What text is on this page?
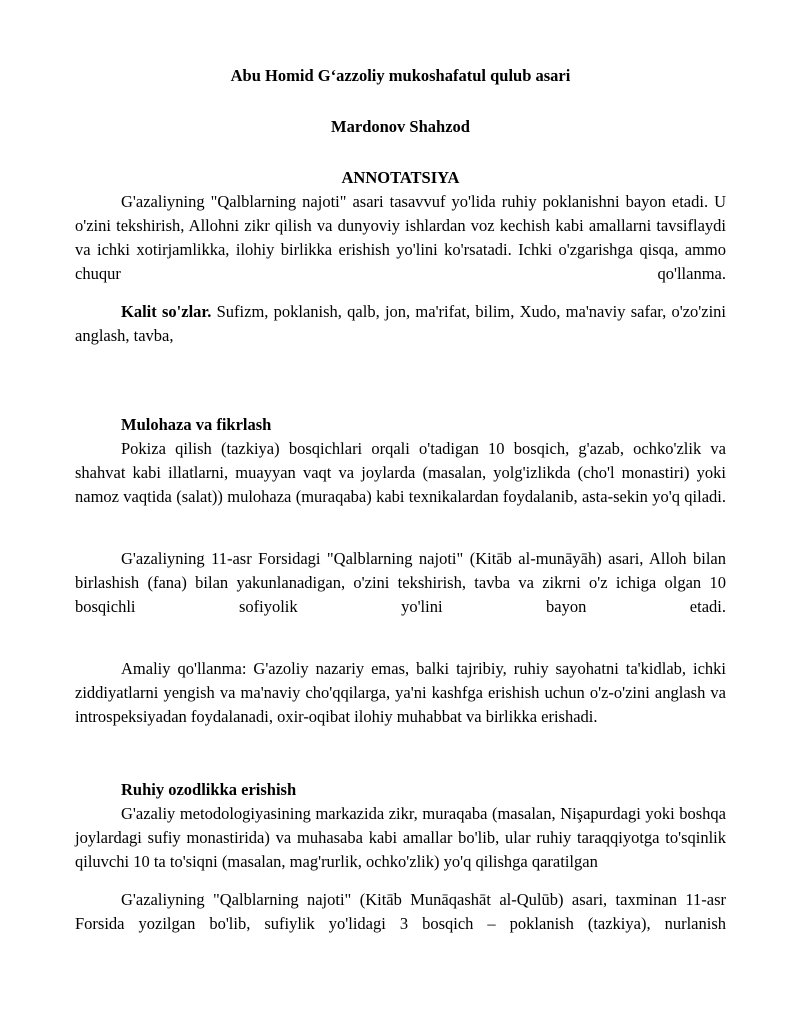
Abu Homid G‘azzoliy mukoshafatul qulub asari

Mardonov Shahzod

ANNOTATSIYA

G'azaliyning "Qalblarning najoti" asari tasavvuf yo'lida ruhiy poklanishni bayon etadi. U o'zini tekshirish, Allohni zikr qilish va dunyoviy ishlardan voz kechish kabi amallarni tavsiflaydi va ichki xotirjamlikka, ilohiy birlikka erishish yo'lini ko'rsatadi. Ichki o'zgarishga qisqa, ammo chuqur qo'llanma.

Kalit so'zlar. Sufizm, poklanish, qalb, jon, ma'rifat, bilim, Xudo, ma'naviy safar, o'zo'zini anglash, tavba,

Mulohaza va fikrlash

Pokiza qilish (tazkiya) bosqichlari orqali o'tadigan 10 bosqich, g'azab, ochko'zlik va shahvat kabi illatlarni, muayyan vaqt va joylarda (masalan, yolg'izlikda (cho'l monastiri) yoki namoz vaqtida (salat)) mulohaza (muraqaba) kabi texnikalardan foydalanib, asta-sekin yo'q qiladi.

G'azaliyning 11-asr Forsidagi "Qalblarning najoti" (Kitāb al-munāyāh) asari, Alloh bilan birlashish (fana) bilan yakunlanadigan, o'zini tekshirish, tavba va zikrni o'z ichiga olgan 10 bosqichli sofiyolik yo'lini bayon etadi.

Amaliy qo'llanma: G'azoliy nazariy emas, balki tajribiy, ruhiy sayohatni ta'kidlab, ichki ziddiyatlarni yengish va ma'naviy cho'qqilarga, ya'ni kashfga erishish uchun o'z-o'zini anglash va introspeksiyadan foydalanadi, oxir-oqibat ilohiy muhabbat va birlikka erishadi.

Ruhiy ozodlikka erishish

G'azaliy metodologiyasining markazida zikr, muraqaba (masalan, Nişapurdagi yoki boshqa joylardagi sufiy monastirida) va muhasaba kabi amallar bo'lib, ular ruhiy taraqqiyotga to'sqinlik qiluvchi 10 ta to'siqni (masalan, mag'rurlik, ochko'zlik) yo'q qilishga qaratilgan

G'azaliyning "Qalblarning najoti" (Kitāb Munāqashāt al-Qulūb) asari, taxminan 11-asr Forsida yozilgan bo'lib, sufiylik yo'lidagi 3 bosqich – poklanish (tazkiya), nurlanish
